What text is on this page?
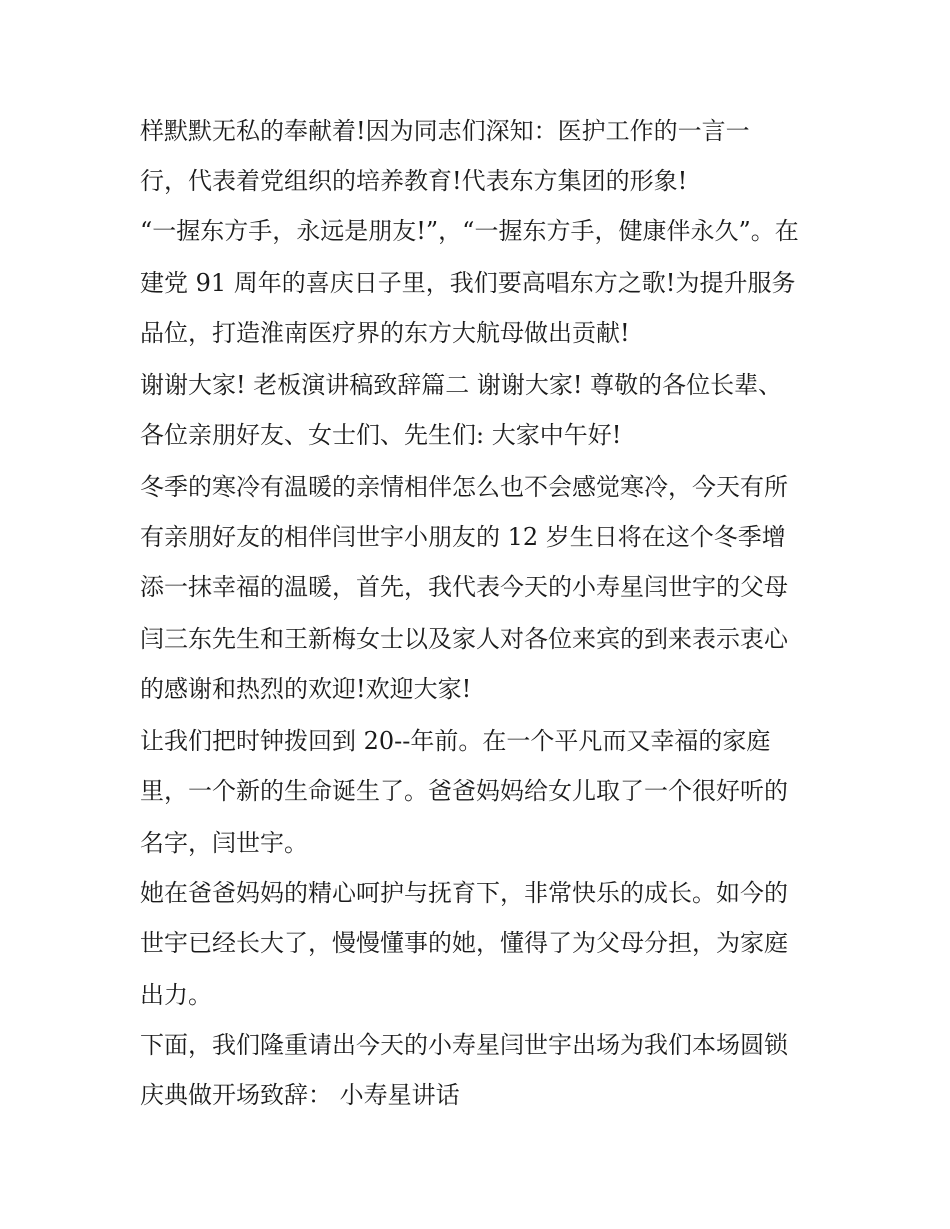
样默默无私的奉献着!因为同志们深知：医护工作的一言一
行，代表着党组织的培养教育!代表东方集团的形象!
“一握东方手，永远是朋友!”，“一握东方手，健康伴永久”。在
建党 91 周年的喜庆日子里，我们要高唱东方之歌!为提升服务
品位，打造淮南医疗界的东方大航母做出贡献!
谢谢大家! 老板演讲稿致辞篇二 谢谢大家! 尊敬的各位长辈、
各位亲朋好友、女士们、先生们: 大家中午好!
冬季的寒冷有温暖的亲情相伴怎么也不会感觉寒冷，今天有所
有亲朋好友的相伴闫世宇小朋友的 12 岁生日将在这个冬季增
添一抹幸福的温暖，首先，我代表今天的小寿星闫世宇的父母
闫三东先生和王新梅女士以及家人对各位来宾的到来表示衷心
的感谢和热烈的欢迎!欢迎大家!
让我们把时钟拨回到 20--年前。在一个平凡而又幸福的家庭
里，一个新的生命诞生了。爸爸妈妈给女儿取了一个很好听的
名字，闫世宇。
她在爸爸妈妈的精心呵护与抚育下，非常快乐的成长。如今的
世宇已经长大了，慢慢懂事的她，懂得了为父母分担，为家庭
出力。
下面，我们隆重请出今天的小寿星闫世宇出场为我们本场圆锁
庆典做开场致辞： 小寿星讲话
